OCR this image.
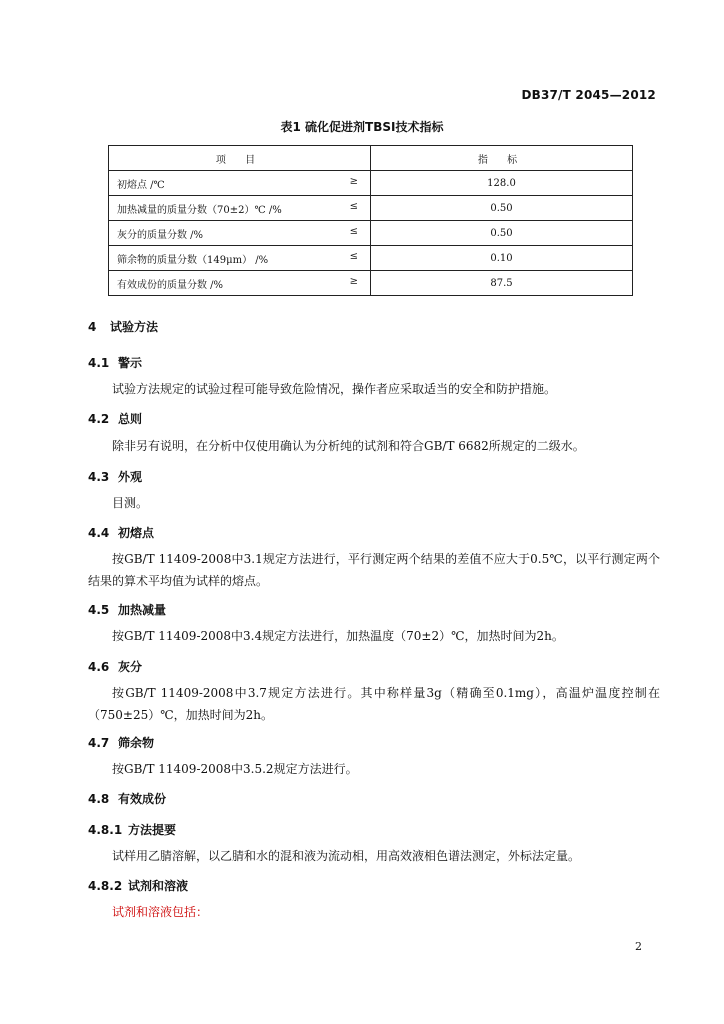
DB37/T 2045—2012
表1 硫化促进剂TBSI技术指标
项 目	指 标
初熔点 /℃ ≥	128.0
加热减量的质量分数（70±2）℃ /% ≤	0.50
灰分的质量分数 /% ≤	0.50
筛余物的质量分数（149μm） /% ≤	0.10
有效成份的质量分数 /% ≥	87.5
4 试验方法
4.1 警示
试验方法规定的试验过程可能导致危险情况，操作者应采取适当的安全和防护措施。
4.2 总则
除非另有说明，在分析中仅使用确认为分析纯的试剂和符合GB/T 6682所规定的二级水。
4.3 外观
目测。
4.4 初熔点
按GB/T 11409-2008中3.1规定方法进行，平行测定两个结果的差值不应大于0.5℃，以平行测定两个结果的算术平均值为试样的熔点。
4.5 加热减量
按GB/T 11409-2008中3.4规定方法进行，加热温度（70±2）℃，加热时间为2h。
4.6 灰分
按GB/T 11409-2008中3.7规定方法进行。其中称样量3g（精确至0.1mg），高温炉温度控制在（750±25）℃，加热时间为2h。
4.7 筛余物
按GB/T 11409-2008中3.5.2规定方法进行。
4.8 有效成份
4.8.1 方法提要
试样用乙腈溶解，以乙腈和水的混和液为流动相，用高效液相色谱法测定，外标法定量。
4.8.2 试剂和溶液
试剂和溶液包括：
2
